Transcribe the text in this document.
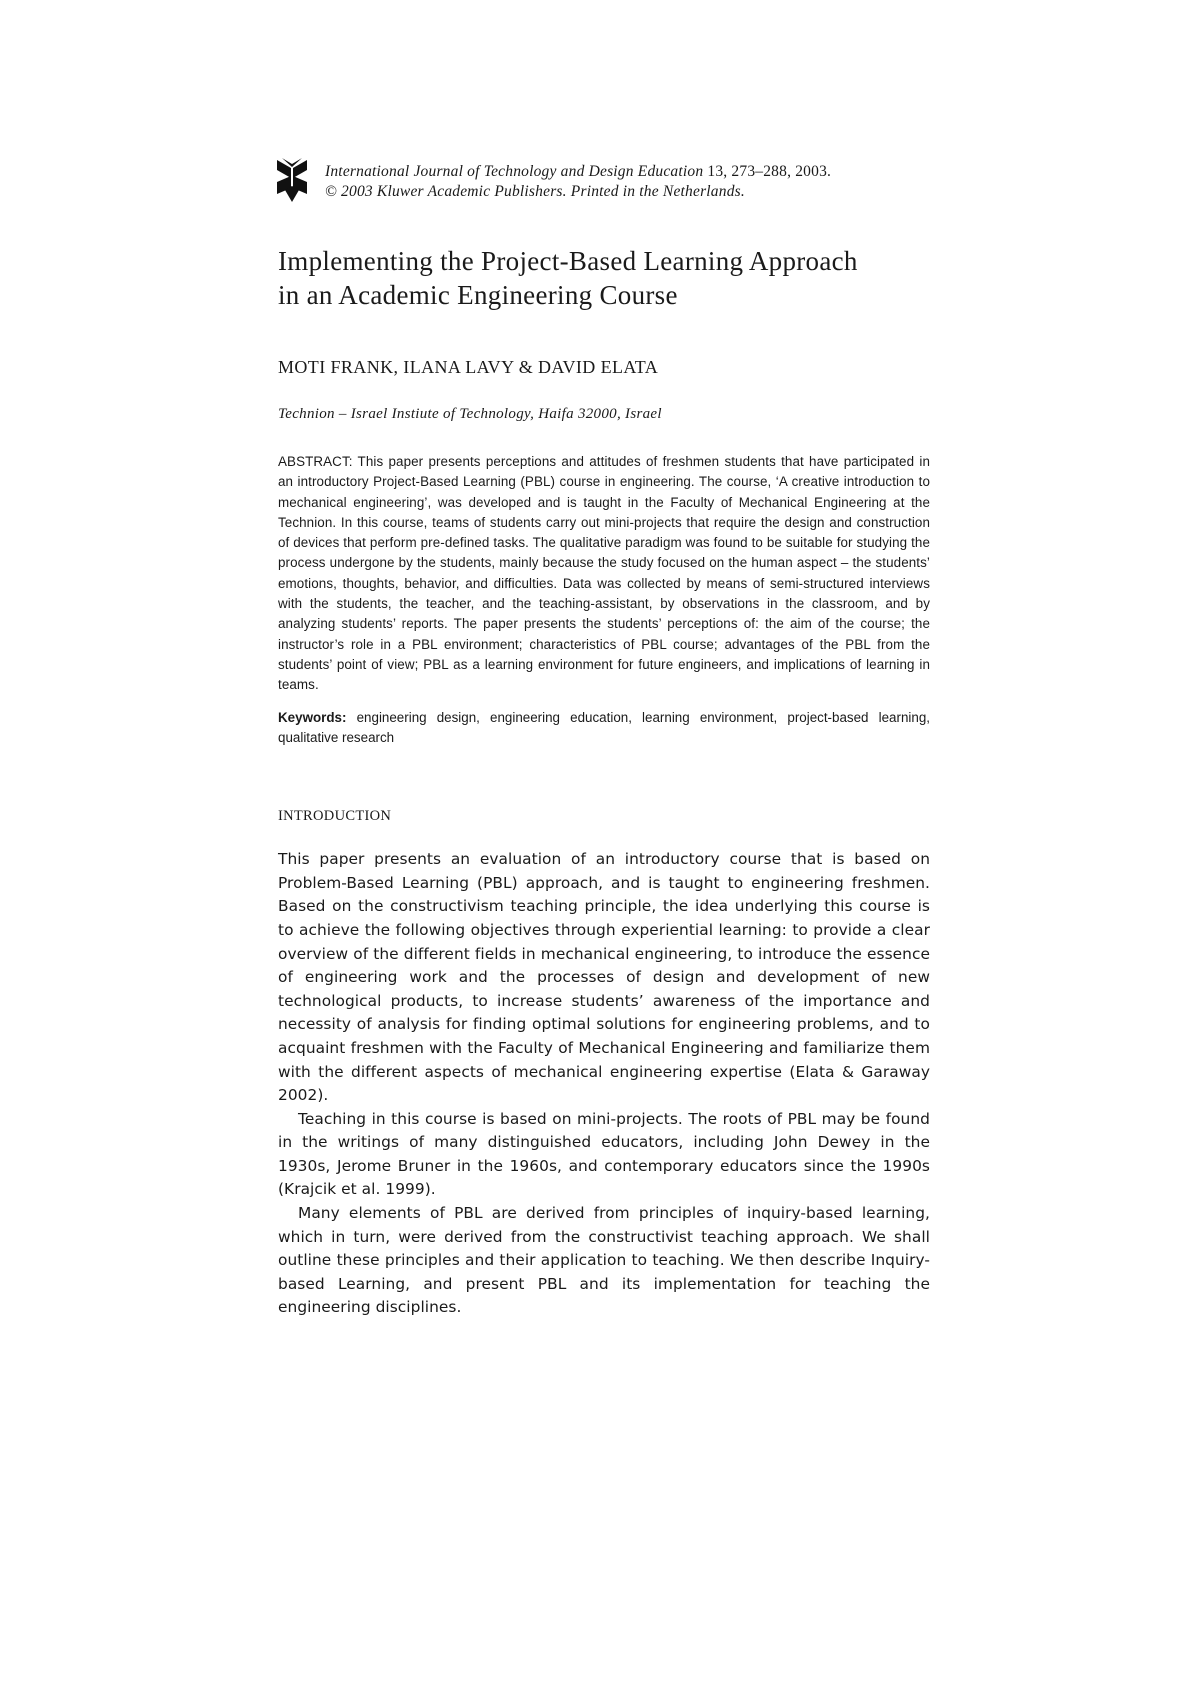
International Journal of Technology and Design Education 13, 273–288, 2003.
© 2003 Kluwer Academic Publishers. Printed in the Netherlands.
Implementing the Project-Based Learning Approach
in an Academic Engineering Course
MOTI FRANK, ILANA LAVY & DAVID ELATA
Technion – Israel Instiute of Technology, Haifa 32000, Israel
ABSTRACT: This paper presents perceptions and attitudes of freshmen students that have participated in an introductory Project-Based Learning (PBL) course in engineering. The course, ‘A creative introduction to mechanical engineering’, was developed and is taught in the Faculty of Mechanical Engineering at the Technion. In this course, teams of students carry out mini-projects that require the design and construction of devices that perform pre-defined tasks. The qualitative paradigm was found to be suitable for studying the process undergone by the students, mainly because the study focused on the human aspect – the students’ emotions, thoughts, behavior, and difficulties. Data was collected by means of semi-structured interviews with the students, the teacher, and the teaching-assistant, by observations in the classroom, and by analyzing students’ reports. The paper presents the students’ perceptions of: the aim of the course; the instructor’s role in a PBL environment; characteristics of PBL course; advantages of the PBL from the students’ point of view; PBL as a learning environment for future engineers, and implications of learning in teams.
Keywords: engineering design, engineering education, learning environment, project-based learning, qualitative research
INTRODUCTION

This paper presents an evaluation of an introductory course that is based on Problem-Based Learning (PBL) approach, and is taught to engineering freshmen. Based on the constructivism teaching principle, the idea underlying this course is to achieve the following objectives through experiential learning: to provide a clear overview of the different fields in mechanical engineering, to introduce the essence of engineering work and the processes of design and development of new technological products, to increase students’ awareness of the importance and necessity of analysis for finding optimal solutions for engineering problems, and to acquaint freshmen with the Faculty of Mechanical Engineering and familiarize them with the different aspects of mechanical engineering expertise (Elata & Garaway 2002).

Teaching in this course is based on mini-projects. The roots of PBL may be found in the writings of many distinguished educators, including John Dewey in the 1930s, Jerome Bruner in the 1960s, and contemporary educators since the 1990s (Krajcik et al. 1999).

Many elements of PBL are derived from principles of inquiry-based learning, which in turn, were derived from the constructivist teaching approach. We shall outline these principles and their application to teaching. We then describe Inquiry-based Learning, and present PBL and its implementation for teaching the engineering disciplines.
